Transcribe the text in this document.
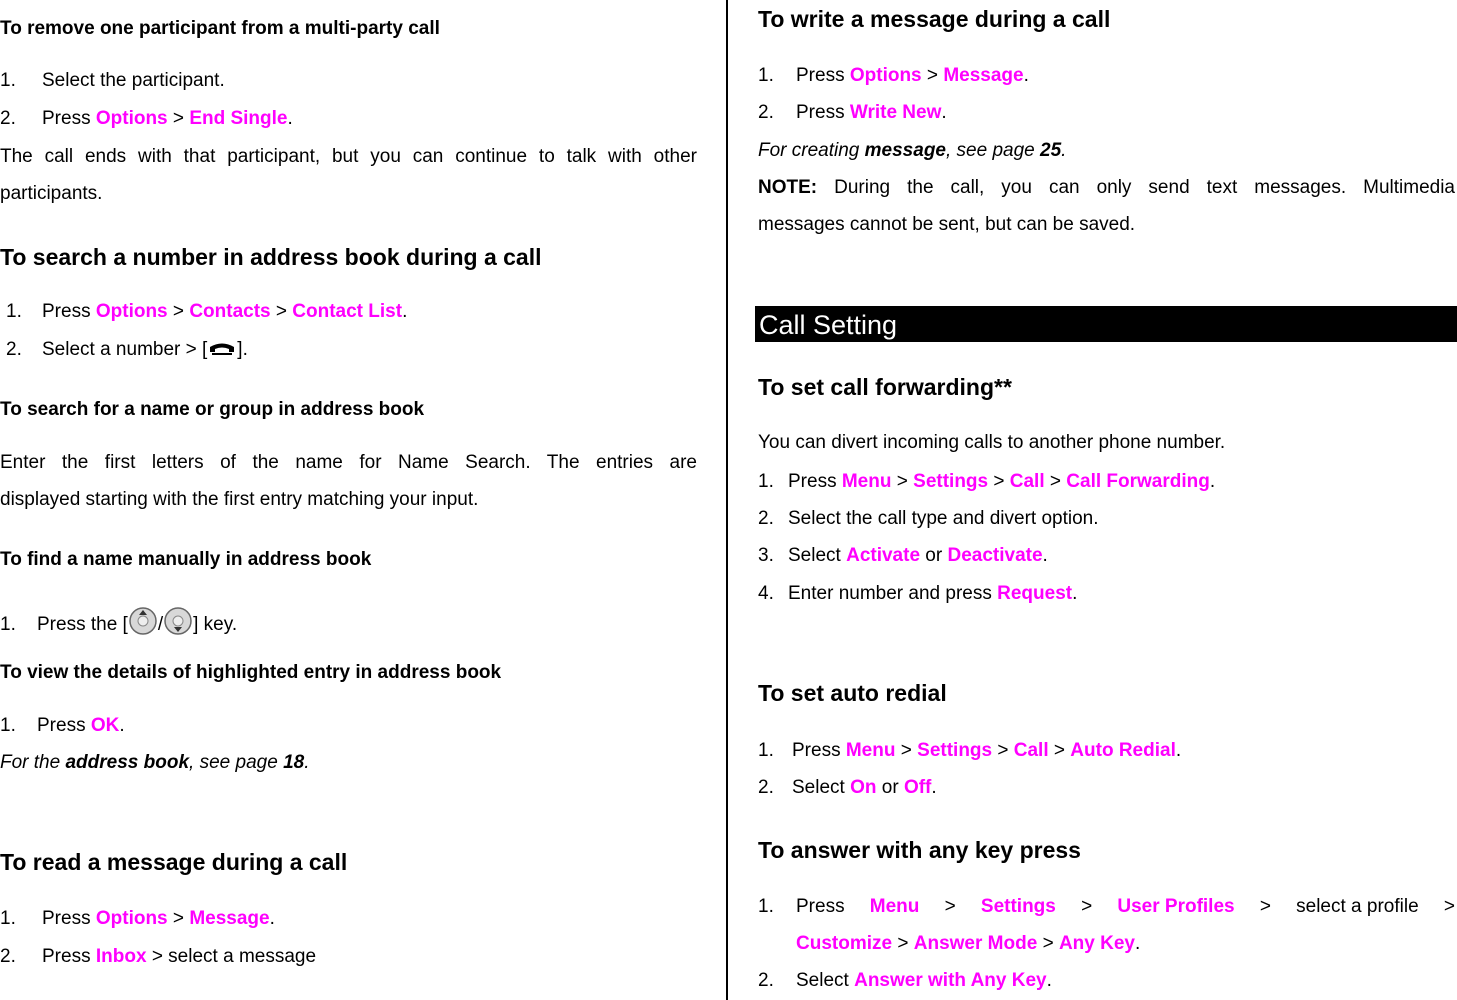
To remove one participant from a multi-party call
1. Select the participant.
2. Press Options > End Single.
The call ends with that participant, but you can continue to talk with other
participants.
To search a number in address book during a call
1. Press Options > Contacts > Contact List.
2. Select a number > [ ].
To search for a name or group in address book
Enter the first letters of the name for Name Search. The entries are
displayed starting with the first entry matching your input.
To find a name manually in address book
1. Press the [ / ] key.
To view the details of highlighted entry in address book
1. Press OK.
For the address book, see page 18.
To read a message during a call
1. Press Options > Message.
2. Press Inbox > select a message
To write a message during a call
1. Press Options > Message.
2. Press Write New.
For creating message, see page 25.
NOTE: During the call, you can only send text messages. Multimedia
messages cannot be sent, but can be saved.
To set call forwarding**
You can divert incoming calls to another phone number.
1. Press Menu > Settings > Call > Call Forwarding.
2. Select the call type and divert option.
3. Select Activate or Deactivate.
4. Enter number and press Request.
To set auto redial
1. Press Menu > Settings > Call > Auto Redial.
2. Select On or Off.
To answer with any key press
1.	Press Menu > Settings > User Profiles > select a profile >
Customize > Answer Mode > Any Key.
2. Select Answer with Any Key.
Call Setting
